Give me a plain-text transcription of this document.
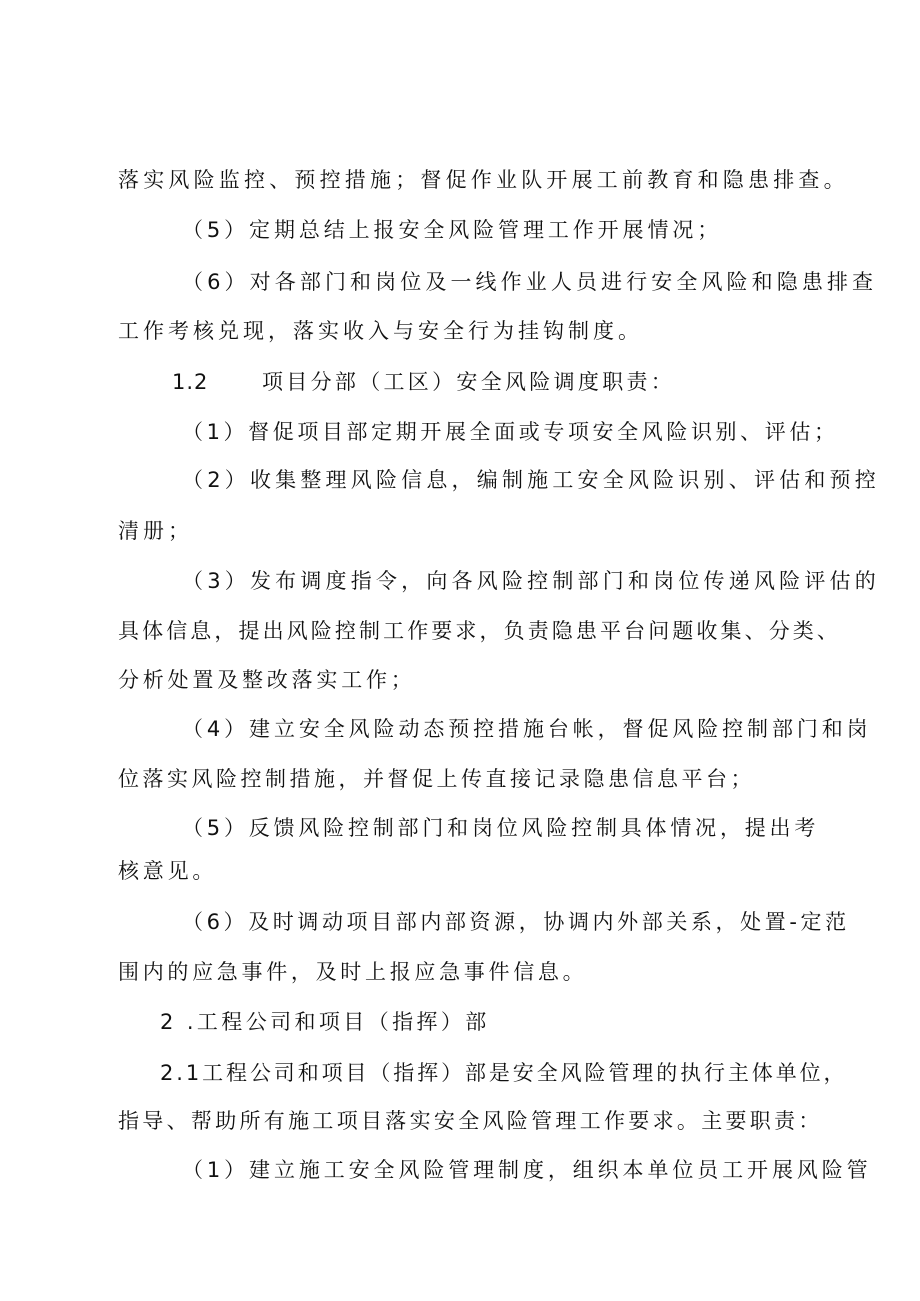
落实风险监控、预控措施；督促作业队开展工前教育和隐患排查。
（5）定期总结上报安全风险管理工作开展情况；
（6）对各部门和岗位及一线作业人员进行安全风险和隐患排查
工作考核兑现，落实收入与安全行为挂钩制度。
1.2	项目分部（工区）安全风险调度职责：
（1）督促项目部定期开展全面或专项安全风险识别、评估；
（2）收集整理风险信息，编制施工安全风险识别、评估和预控
清册；
（3）发布调度指令，向各风险控制部门和岗位传递风险评估的
具体信息，提出风险控制工作要求，负责隐患平台问题收集、分类、
分析处置及整改落实工作；
（4）建立安全风险动态预控措施台帐，督促风险控制部门和岗
位落实风险控制措施，并督促上传直接记录隐患信息平台；
（5）反馈风险控制部门和岗位风险控制具体情况，提出考
核意见。
（6）及时调动项目部内部资源，协调内外部关系，处置-定范
围内的应急事件，及时上报应急事件信息。
2 .工程公司和项目（指挥）部
2.1工程公司和项目（指挥）部是安全风险管理的执行主体单位，
指导、帮助所有施工项目落实安全风险管理工作要求。主要职责：
（1）建立施工安全风险管理制度，组织本单位员工开展风险管
